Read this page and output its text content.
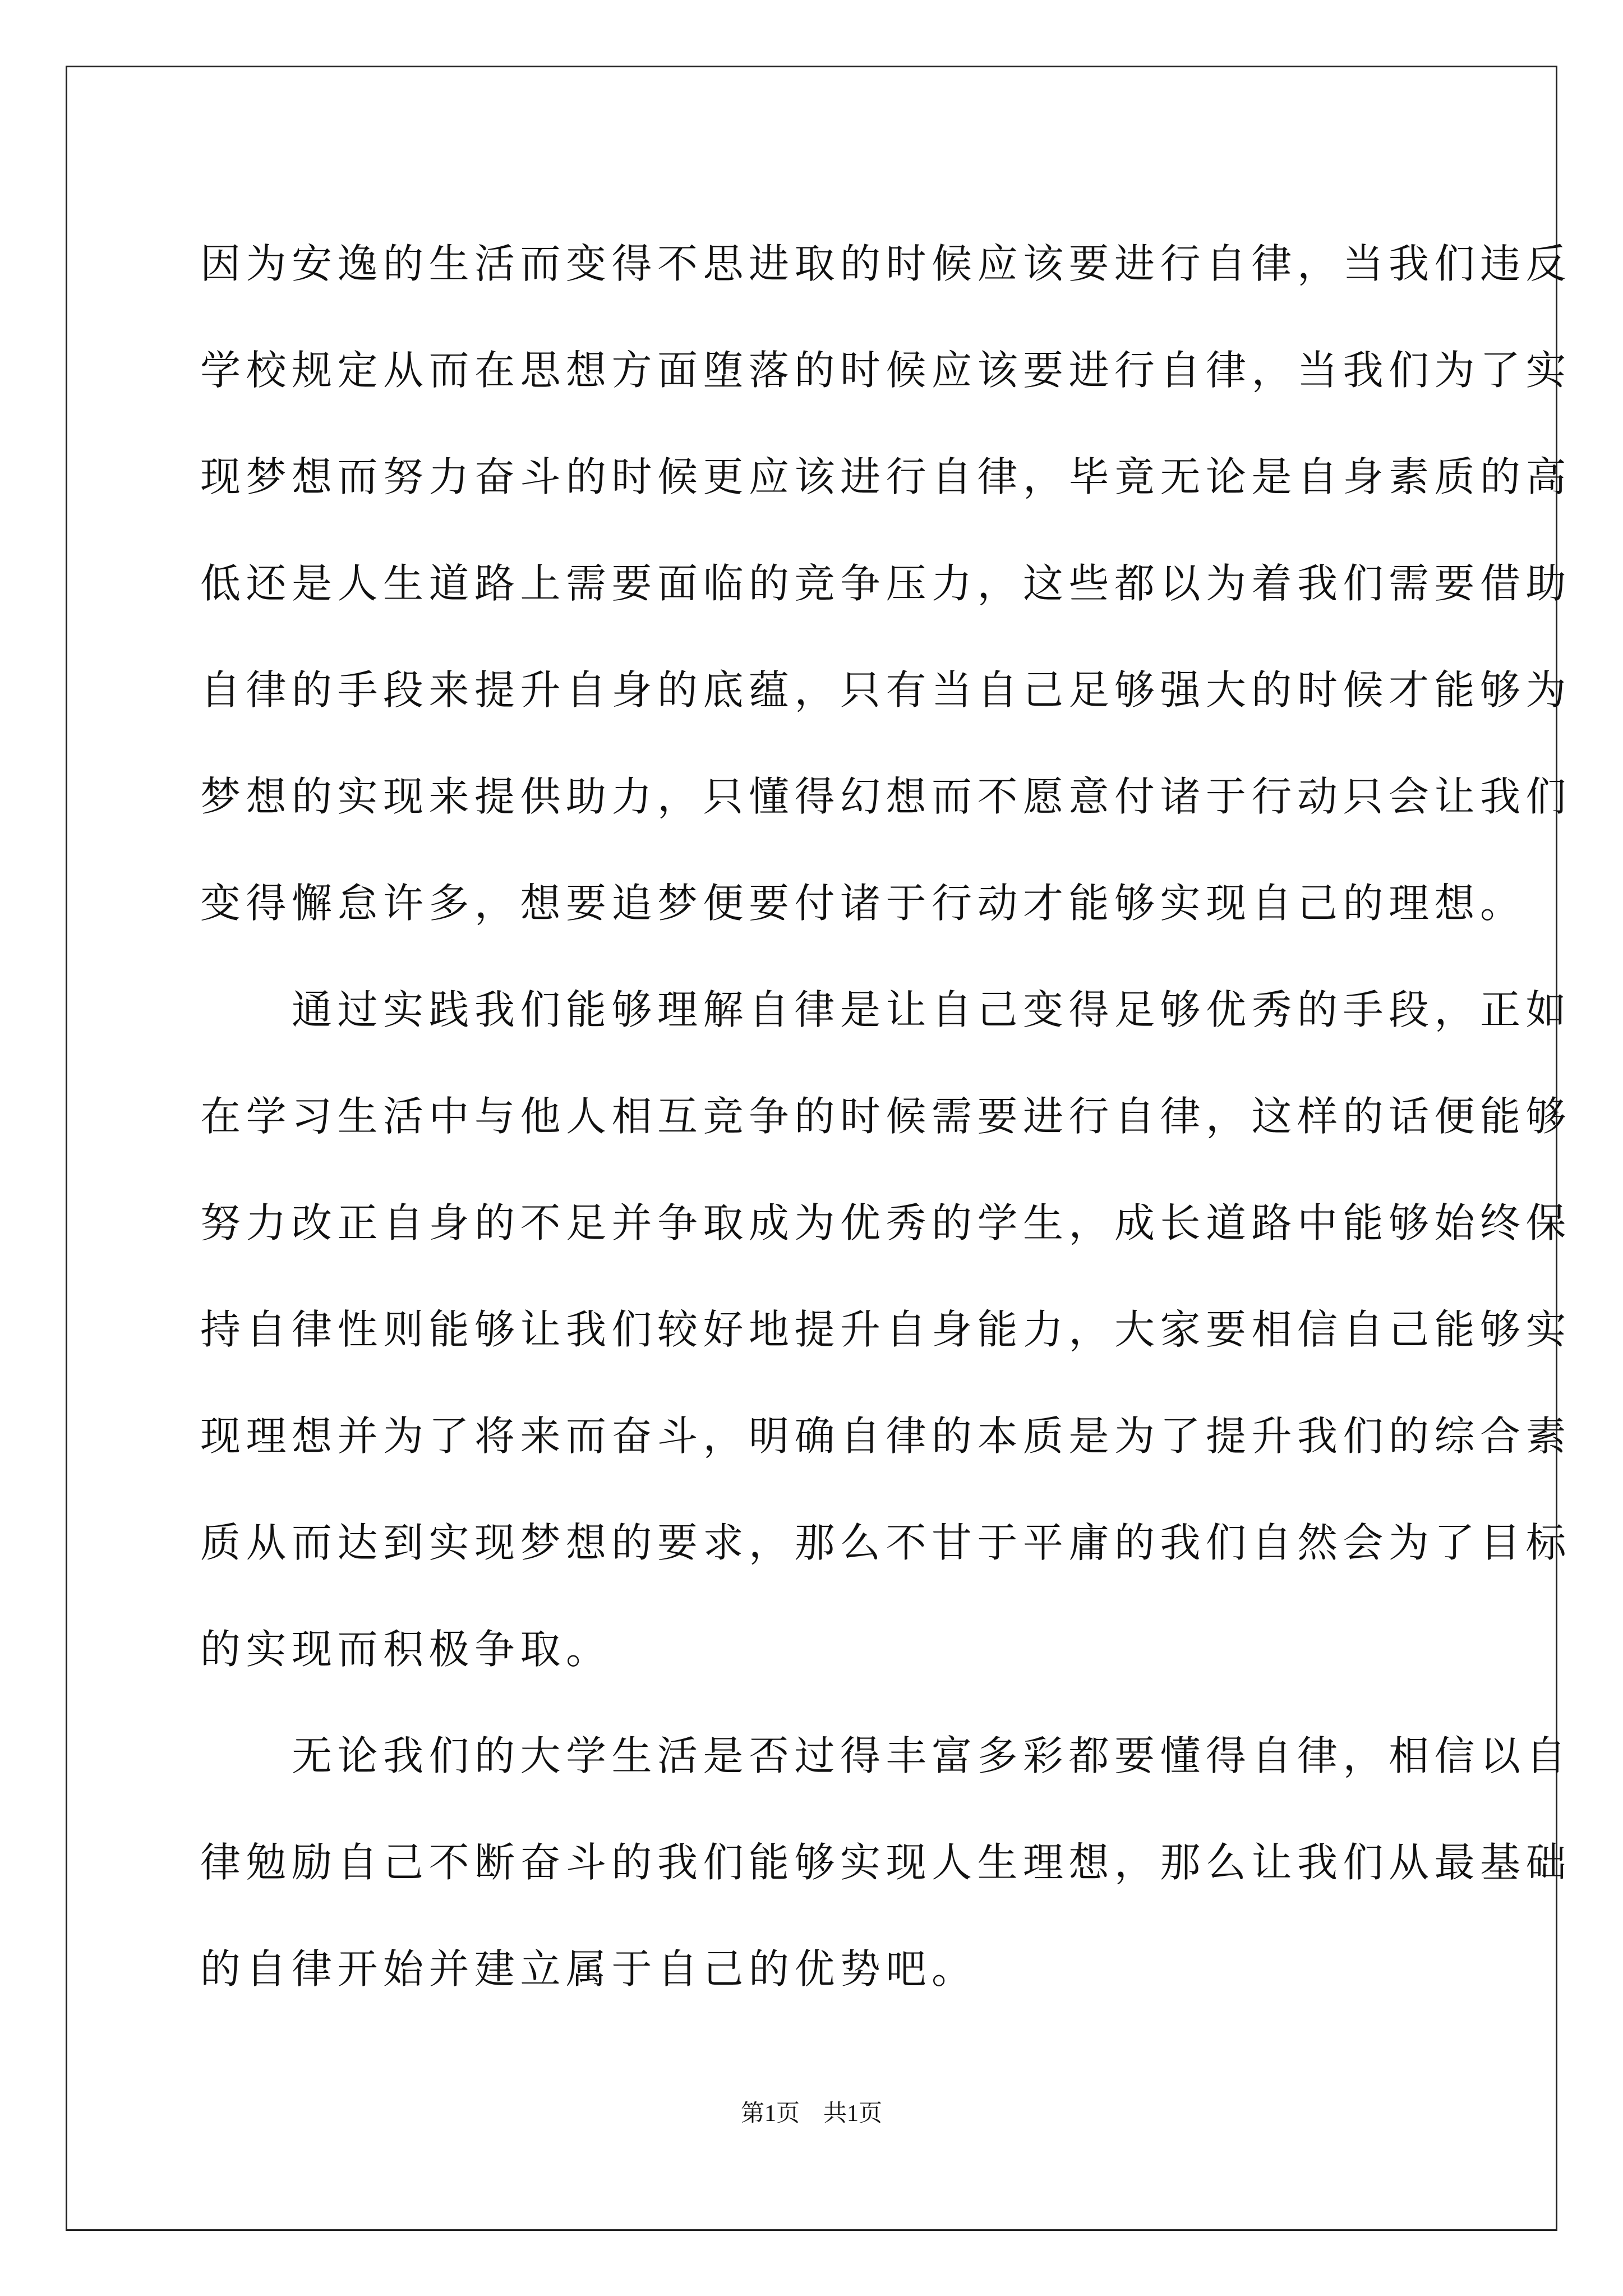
因为安逸的生活而变得不思进取的时候应该要进行自律，当我们违反
学校规定从而在思想方面堕落的时候应该要进行自律，当我们为了实
现梦想而努力奋斗的时候更应该进行自律，毕竟无论是自身素质的高
低还是人生道路上需要面临的竞争压力，这些都以为着我们需要借助
自律的手段来提升自身的底蕴，只有当自己足够强大的时候才能够为
梦想的实现来提供助力，只懂得幻想而不愿意付诸于行动只会让我们
变得懈怠许多，想要追梦便要付诸于行动才能够实现自己的理想。
　　通过实践我们能够理解自律是让自己变得足够优秀的手段，正如
在学习生活中与他人相互竞争的时候需要进行自律，这样的话便能够
努力改正自身的不足并争取成为优秀的学生，成长道路中能够始终保
持自律性则能够让我们较好地提升自身能力，大家要相信自己能够实
现理想并为了将来而奋斗，明确自律的本质是为了提升我们的综合素
质从而达到实现梦想的要求，那么不甘于平庸的我们自然会为了目标
的实现而积极争取。
　　无论我们的大学生活是否过得丰富多彩都要懂得自律，相信以自
律勉励自己不断奋斗的我们能够实现人生理想，那么让我们从最基础
的自律开始并建立属于自己的优势吧。
第1页　共1页
